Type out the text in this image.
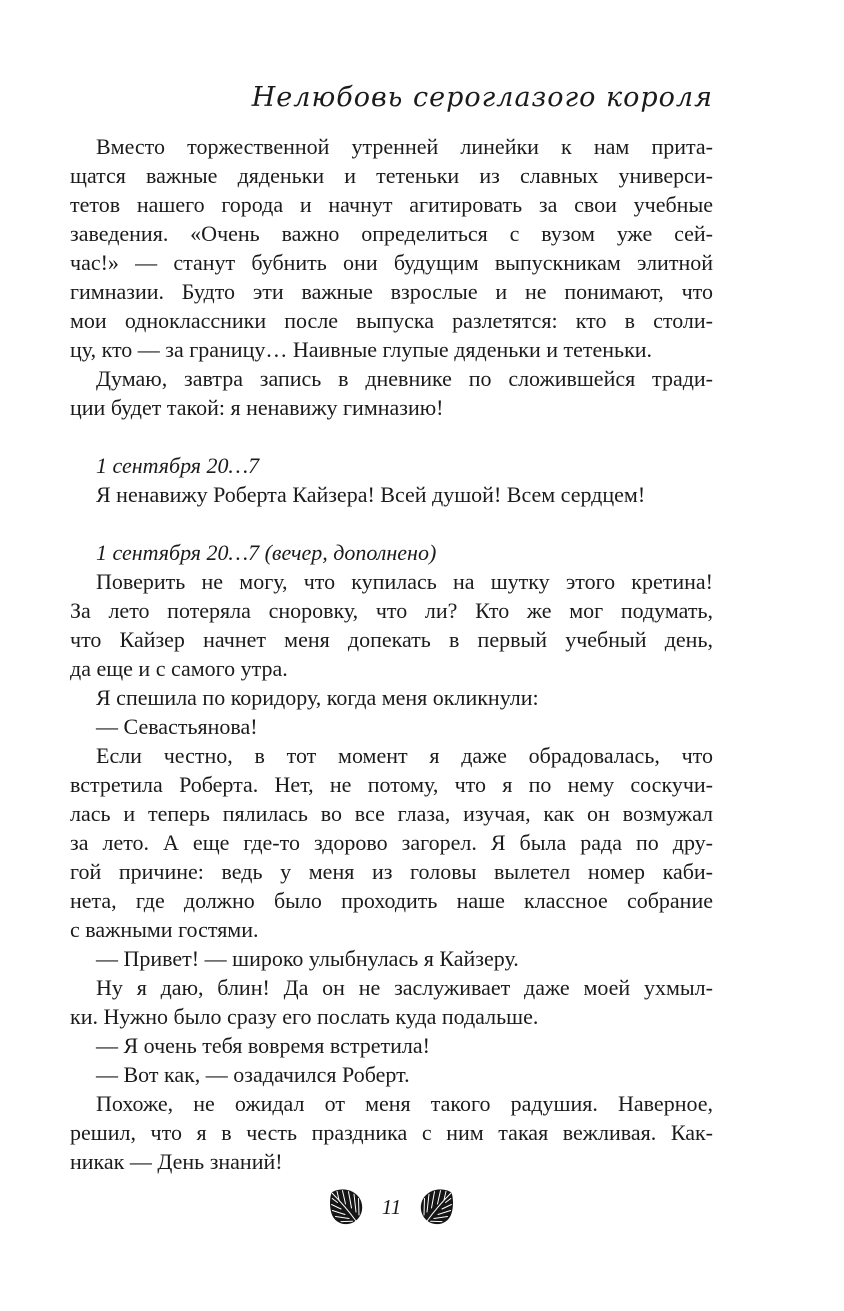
Нелюбовь сероглазого короля
Вместо торжественной утренней линейки к нам прита-
щатся важные дяденьки и тетеньки из славных универси-
тетов нашего города и начнут агитировать за свои учебные
заведения. «Очень важно определиться с вузом уже сей-
час!» — станут бубнить они будущим выпускникам элитной
гимназии. Будто эти важные взрослые и не понимают, что
мои одноклассники после выпуска разлетятся: кто в столи-
цу, кто — за границу… Наивные глупые дяденьки и тетеньки.
Думаю, завтра запись в дневнике по сложившейся тради-
ции будет такой: я ненавижу гимназию!
1 сентября 20…7
Я ненавижу Роберта Кайзера! Всей душой! Всем сердцем!
1 сентября 20…7 (вечер, дополнено)
Поверить не могу, что купилась на шутку этого кретина!
За лето потеряла сноровку, что ли? Кто же мог подумать,
что Кайзер начнет меня допекать в первый учебный день,
да еще и с самого утра.
Я спешила по коридору, когда меня окликнули:
— Севастьянова!
Если честно, в тот момент я даже обрадовалась, что
встретила Роберта. Нет, не потому, что я по нему соскучи-
лась и теперь пялилась во все глаза, изучая, как он возмужал
за лето. А еще где-то здорово загорел. Я была рада по дру-
гой причине: ведь у меня из головы вылетел номер каби-
нета, где должно было проходить наше классное собрание
с важными гостями.
— Привет! — широко улыбнулась я Кайзеру.
Ну я даю, блин! Да он не заслуживает даже моей ухмыл-
ки. Нужно было сразу его послать куда подальше.
— Я очень тебя вовремя встретила!
— Вот как, — озадачился Роберт.
Похоже, не ожидал от меня такого радушия. Наверное,
решил, что я в честь праздника с ним такая вежливая. Как-
никак — День знаний!
11
